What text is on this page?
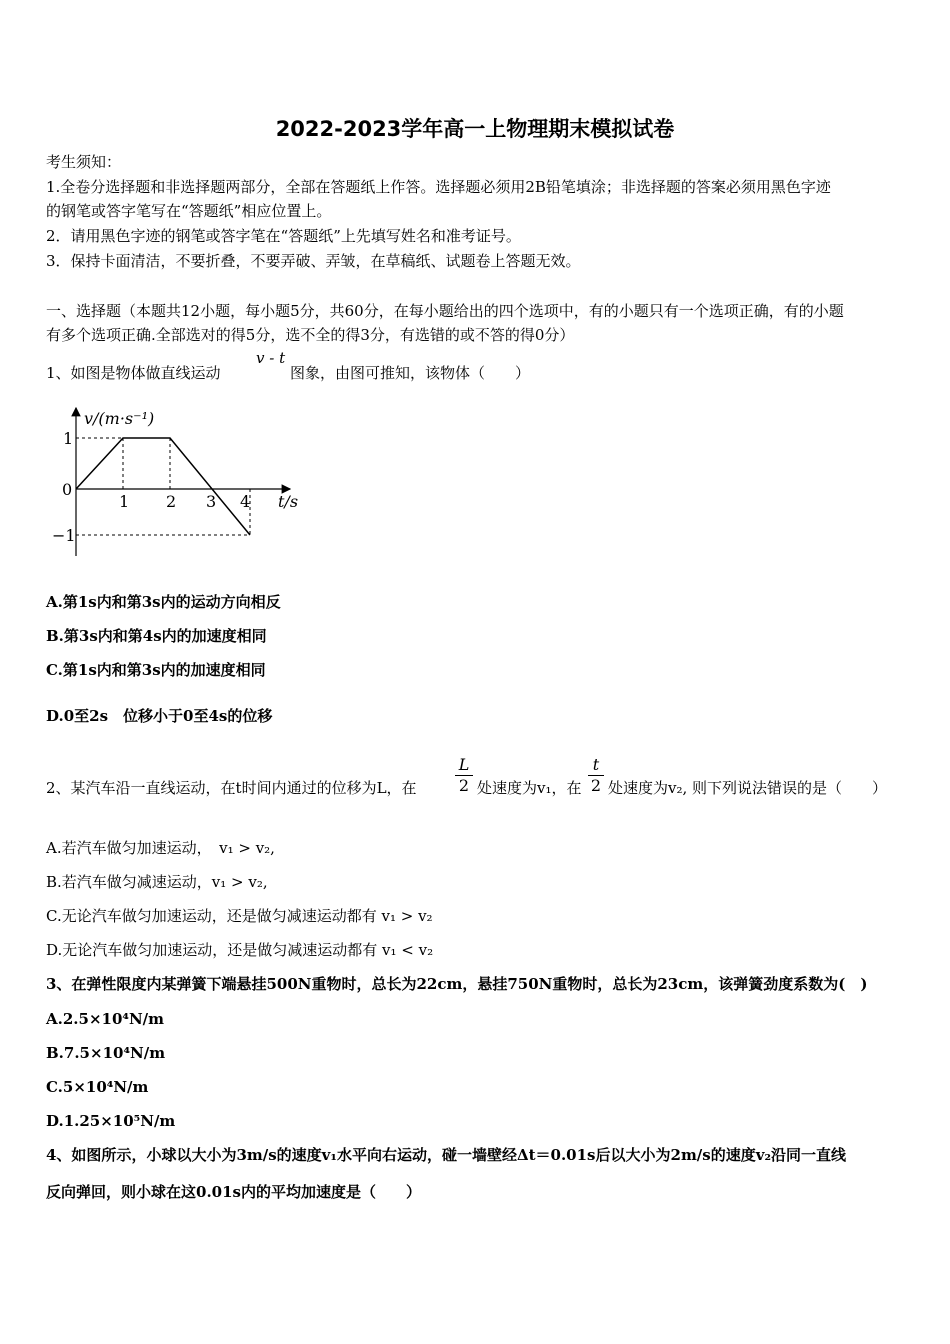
2022-2023学年高一上物理期末模拟试卷
考生须知：
1.全卷分选择题和非选择题两部分，全部在答题纸上作答。选择题必须用2B铅笔填涂；非选择题的答案必须用黑色字迹
的钢笔或答字笔写在“答题纸”相应位置上。
2．请用黑色字迹的钢笔或答字笔在“答题纸”上先填写姓名和准考证号。
3．保持卡面清洁，不要折叠，不要弄破、弄皱，在草稿纸、试题卷上答题无效。
一、选择题（本题共12小题，每小题5分，共60分，在每小题给出的四个选项中，有的小题只有一个选项正确，有的小题
有多个选项正确.全部选对的得5分，选不全的得3分，有选错的或不答的得0分）
1、如图是物体做直线运动
v - t
图象，由图可推知，该物体（　　）
v/(m·s⁻¹)
t/s
1
0
−1
1 2 3 4
A.第1s内和第3s内的运动方向相反
B.第3s内和第4s内的加速度相同
C.第1s内和第3s内的加速度相同
D.0至2s　位移小于0至4s的位移
2、某汽车沿一直线运动，在t时间内通过的位移为L，在
L
2 处速度为v₁，在
t
2 处速度为v₂, 则下列说法错误的是（　　）
A.若汽车做匀加速运动，　v₁ > v₂,
B.若汽车做匀减速运动，v₁ > v₂,
C.无论汽车做匀加速运动，还是做匀减速运动都有 v₁ > v₂
D.无论汽车做匀加速运动，还是做匀减速运动都有 v₁ < v₂
3、在弹性限度内某弹簧下端悬挂500N重物时，总长为22cm，悬挂750N重物时，总长为23cm，该弹簧劲度系数为(　)
A.2.5×10⁴N/m
B.7.5×10⁴N/m
C.5×10⁴N/m
D.1.25×10⁵N/m
4、如图所示，小球以大小为3m/s的速度v₁水平向右运动，碰一墙壁经Δt＝0.01s后以大小为2m/s的速度v₂沿同一直线
反向弹回，则小球在这0.01s内的平均加速度是（　　）
